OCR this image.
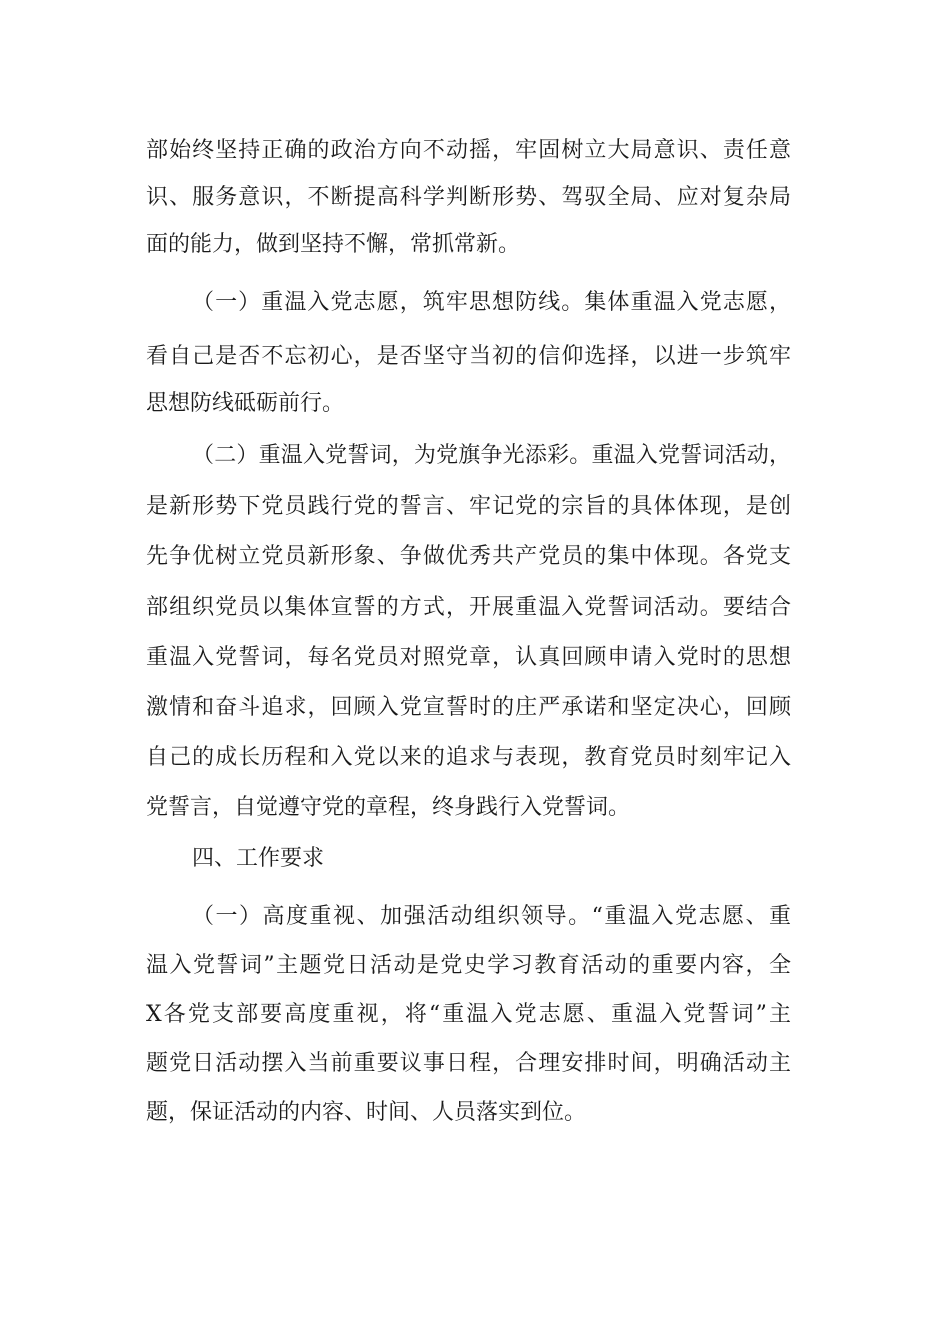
部始终坚持正确的政治方向不动摇，牢固树立大局意识、责任意
识、服务意识，不断提高科学判断形势、驾驭全局、应对复杂局
面的能力，做到坚持不懈，常抓常新。
（一）重温入党志愿，筑牢思想防线。集体重温入党志愿，
看自己是否不忘初心，是否坚守当初的信仰选择，以进一步筑牢
思想防线砥砺前行。
（二）重温入党誓词，为党旗争光添彩。重温入党誓词活动，
是新形势下党员践行党的誓言、牢记党的宗旨的具体体现，是创
先争优树立党员新形象、争做优秀共产党员的集中体现。各党支
部组织党员以集体宣誓的方式，开展重温入党誓词活动。要结合
重温入党誓词，每名党员对照党章，认真回顾申请入党时的思想
激情和奋斗追求，回顾入党宣誓时的庄严承诺和坚定决心，回顾
自己的成长历程和入党以来的追求与表现，教育党员时刻牢记入
党誓言，自觉遵守党的章程，终身践行入党誓词。
四、工作要求
（一）高度重视、加强活动组织领导。“重温入党志愿、重
温入党誓词”主题党日活动是党史学习教育活动的重要内容，全
X各党支部要高度重视，将“重温入党志愿、重温入党誓词”主
题党日活动摆入当前重要议事日程，合理安排时间，明确活动主
题，保证活动的内容、时间、人员落实到位。
